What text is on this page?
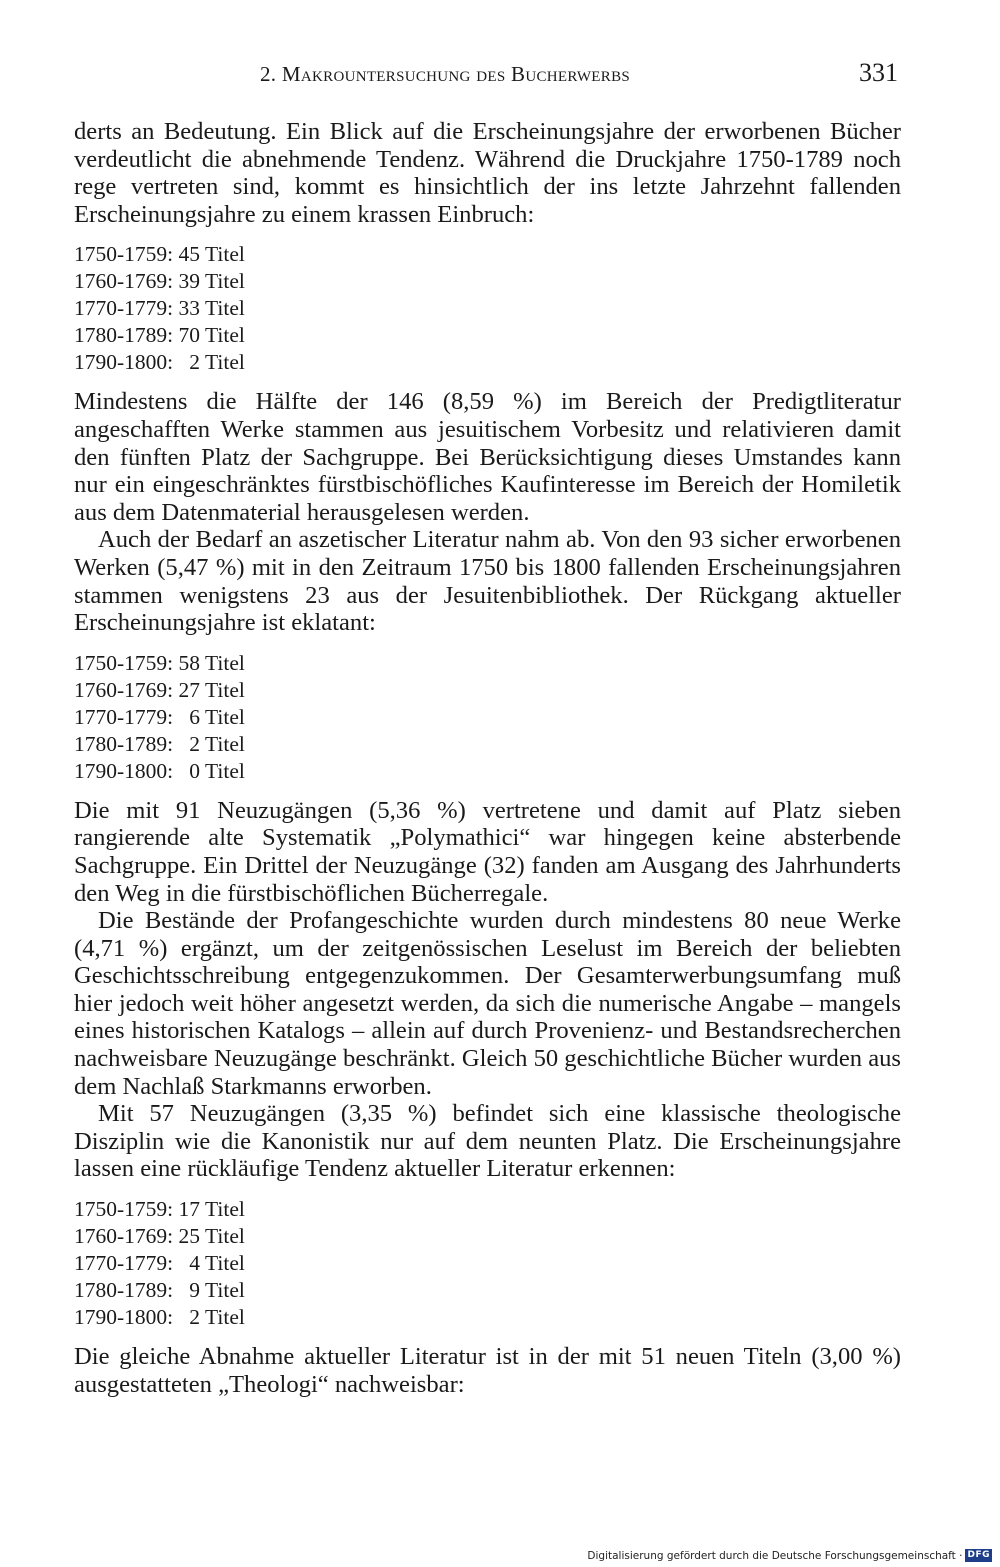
2. Makrountersuchung des Bucherwerbs	331

derts an Bedeutung. Ein Blick auf die Erscheinungsjahre der erworbenen Bücher verdeutlicht die abnehmende Tendenz. Während die Druckjahre 1750-1789 noch rege vertreten sind, kommt es hinsichtlich der ins letzte Jahrzehnt fallenden Erscheinungsjahre zu einem krassen Einbruch:

1750-1759: 45 Titel
1760-1769: 39 Titel
1770-1779: 33 Titel
1780-1789: 70 Titel
1790-1800:   2 Titel

Mindestens die Hälfte der 146 (8,59 %) im Bereich der Predigtliteratur angeschafften Werke stammen aus jesuitischem Vorbesitz und relativieren damit den fünften Platz der Sachgruppe. Bei Berücksichtigung dieses Umstandes kann nur ein eingeschränktes fürstbischöfliches Kaufinteresse im Bereich der Homiletik aus dem Datenmaterial herausgelesen werden.

Auch der Bedarf an aszetischer Literatur nahm ab. Von den 93 sicher erworbenen Werken (5,47 %) mit in den Zeitraum 1750 bis 1800 fallenden Erscheinungsjahren stammen wenigstens 23 aus der Jesuitenbibliothek. Der Rückgang aktueller Erscheinungsjahre ist eklatant:

1750-1759: 58 Titel
1760-1769: 27 Titel
1770-1779:   6 Titel
1780-1789:   2 Titel
1790-1800:   0 Titel

Die mit 91 Neuzugängen (5,36 %) vertretene und damit auf Platz sieben rangierende alte Systematik „Polymathici“ war hingegen keine absterbende Sachgruppe. Ein Drittel der Neuzugänge (32) fanden am Ausgang des Jahrhunderts den Weg in die fürstbischöflichen Bücherregale.

Die Bestände der Profangeschichte wurden durch mindestens 80 neue Werke (4,71 %) ergänzt, um der zeitgenössischen Leselust im Bereich der beliebten Geschichtsschreibung entgegenzukommen. Der Gesamterwerbungsumfang muß hier jedoch weit höher angesetzt werden, da sich die numerische Angabe – mangels eines historischen Katalogs – allein auf durch Provenienz- und Bestandsrecherchen nachweisbare Neuzugänge beschränkt. Gleich 50 geschichtliche Bücher wurden aus dem Nachlaß Starkmanns erworben.

Mit 57 Neuzugängen (3,35 %) befindet sich eine klassische theologische Disziplin wie die Kanonistik nur auf dem neunten Platz. Die Erscheinungsjahre lassen eine rückläufige Tendenz aktueller Literatur erkennen:

1750-1759: 17 Titel
1760-1769: 25 Titel
1770-1779:   4 Titel
1780-1789:   9 Titel
1790-1800:   2 Titel

Die gleiche Abnahme aktueller Literatur ist in der mit 51 neuen Titeln (3,00 %) ausgestatteten „Theologi“ nachweisbar:

Digitalisierung gefördert durch die Deutsche Forschungsgemeinschaft · DFG
